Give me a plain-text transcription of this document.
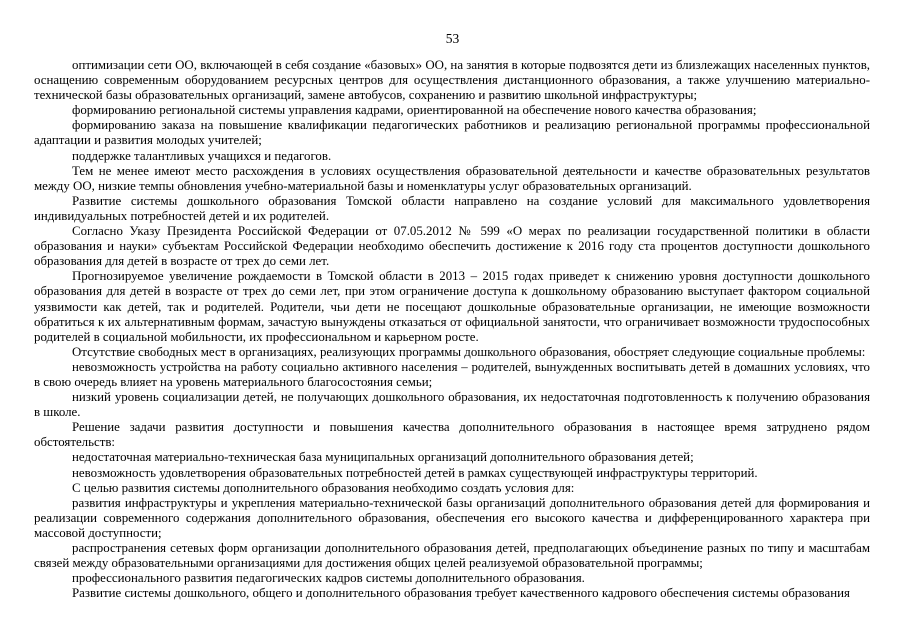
53

оптимизации сети ОО, включающей в себя создание «базовых» ОО, на занятия в которые подвозятся дети из близлежащих населенных пунктов, оснащению современным оборудованием ресурсных центров для осуществления дистанционного образования, а также улучшению материально-технической базы образовательных организаций, замене автобусов, сохранению и развитию школьной инфраструктуры;

формированию региональной системы управления кадрами, ориентированной на обеспечение нового качества образования;

формированию заказа на повышение квалификации педагогических работников и реализацию региональной программы профессиональной адаптации и развития молодых учителей;

поддержке талантливых учащихся и педагогов.

Тем не менее имеют место расхождения в условиях осуществления образовательной деятельности и качестве образовательных результатов между ОО, низкие темпы обновления учебно-материальной базы и номенклатуры услуг образовательных организаций.

Развитие системы дошкольного образования Томской области направлено на создание условий для максимального удовлетворения индивидуальных потребностей детей и их родителей.

Согласно Указу Президента Российской Федерации от 07.05.2012 № 599 «О мерах по реализации государственной политики в области образования и науки» субъектам Российской Федерации необходимо обеспечить достижение к 2016 году ста процентов доступности дошкольного образования для детей в возрасте от трех до семи лет.

Прогнозируемое увеличение рождаемости в Томской области в 2013 – 2015 годах приведет к снижению уровня доступности дошкольного образования для детей в возрасте от трех до семи лет, при этом ограничение доступа к дошкольному образованию выступает фактором социальной уязвимости как детей, так и родителей. Родители, чьи дети не посещают дошкольные образовательные организации, не имеющие возможности обратиться к их альтернативным формам, зачастую вынуждены отказаться от официальной занятости, что ограничивает возможности трудоспособных родителей в социальной мобильности, их профессиональном и карьерном росте.

Отсутствие свободных мест в организациях, реализующих программы дошкольного образования, обостряет следующие социальные проблемы:

невозможность устройства на работу социально активного населения – родителей, вынужденных воспитывать детей в домашних условиях, что в свою очередь влияет на уровень материального благосостояния семьи;

низкий уровень социализации детей, не получающих дошкольного образования, их недостаточная подготовленность к получению образования в школе.

Решение задачи развития доступности и повышения качества дополнительного образования в настоящее время затруднено рядом обстоятельств:

недостаточная материально-техническая база муниципальных организаций дополнительного образования детей;

невозможность удовлетворения образовательных потребностей детей в рамках существующей инфраструктуры территорий.

С целью развития системы дополнительного образования необходимо создать условия для:

развития инфраструктуры и укрепления материально-технической базы организаций дополнительного образования детей для формирования и реализации современного содержания дополнительного образования, обеспечения его высокого качества и дифференцированного характера при массовой доступности;

распространения сетевых форм организации дополнительного образования детей, предполагающих объединение разных по типу и масштабам связей между образовательными организациями для достижения общих целей реализуемой образовательной программы;

профессионального развития педагогических кадров системы дополнительного образования.

Развитие системы дошкольного, общего и дополнительного образования требует качественного кадрового обеспечения системы образования
